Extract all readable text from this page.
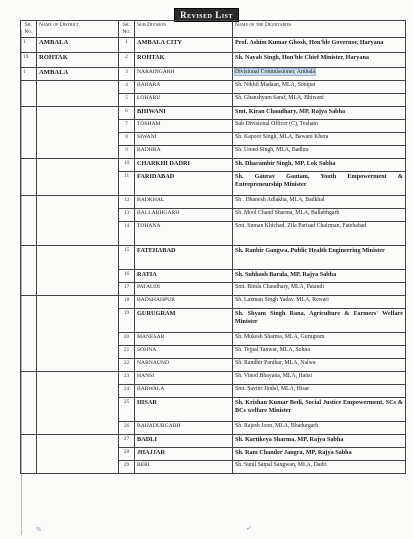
Revised List
Sr. No.	Name of District	Sr. No.	Sub Division	Name of the Dignitaries
1	AMBALA	1	AMBALA CITY	Prof. Ashim Kumar Ghosh, Hon'ble Governor, Haryana
19	ROHTAK	2	ROHTAK	Sh. Nayab Singh, Hon'ble Chief Minister, Haryana
1	AMBALA	3	NARAINGARH	Divisional Commissioner, Ambala
		4	BARARA	Sh. Nikhil Madaan, MLA, Sonipat
		5	LOHARU	Sh. Ghanshyam Saraf, MLA, Bhiwani
		6	BHIWANI	Smt. Kiran Chaudhary, MP, Rajya Sabha
		7	TOSHAM	Sub Divisional Officer (C), Tosham
		8	SIWANI	Sh. Kapoor Singh, MLA, Bawani Khera
		9	BADHRA	Sh. Umed Singh, MLA, Badhra
		10	CHARKHI DADRI	Sh. Dharambir Singh, MP, Lok Sabha
		11	FARIDABAD	Sh. Gaurav Gautam, Youth Empowerment & Entrepreneurship Minister
		12	BADKHAL	Sh . Dhanesh Adlakha, MLA, Badkhal
		13	BALLABHGARH	Sh. Mool Chand Sharma, MLA, Ballabhgarh
		14	TOHANA	Smt. Suman Khichad, Zila Parisad Chairman, Fatehabad
		15	FATEHABAD	Sh. Ranbir Gangwa, Public Health Engineering Minister
		16	RATIA	Sh. Subhash Barala, MP, Rajya Sabha
		17	PATAUDI	Smt. Bimla Chaudhary, MLA, Pataudi
		18	BADSHAHPUR	Sh. Laxman Singh Yadav, MLA, Rewari
		19	GURUGRAM	Sh. Shyam Singh Rana, Agriculture & Farmers' Welfare Minister
		20	MANESAR	Sh. Mukesh Sharma, MLA, Gurugram
		21	SOHNA	Sh. Tejpal Tanwar, MLA, Sohna
		22	NARNAUND	Sh. Randhir Panihar, MLA, Nalwa
		23	HANSI	Sh. Vinod Bhayana, MLA, Hansi
		24	BARWALA	Smt. Savitri Jindal, MLA, Hisar
		25	HISAR	Sh. Krishan Kumar Bedi, Social Justice Empowerment, SCs & BCs welfare Minister
		26	BAHADURGARH	Sh. Rajesh Joon, MLA, Bhadurgarh
		27	BADLI	Sh. Kartikeya Sharma, MP, Rajya Sabha
		28	JHAJJAR	Sh. Ram Chander Jangra, MP, Rajya Sabha
		29	BERI	Sh. Sunil Satpal Sangwan, MLA, Dadri
%	✓
